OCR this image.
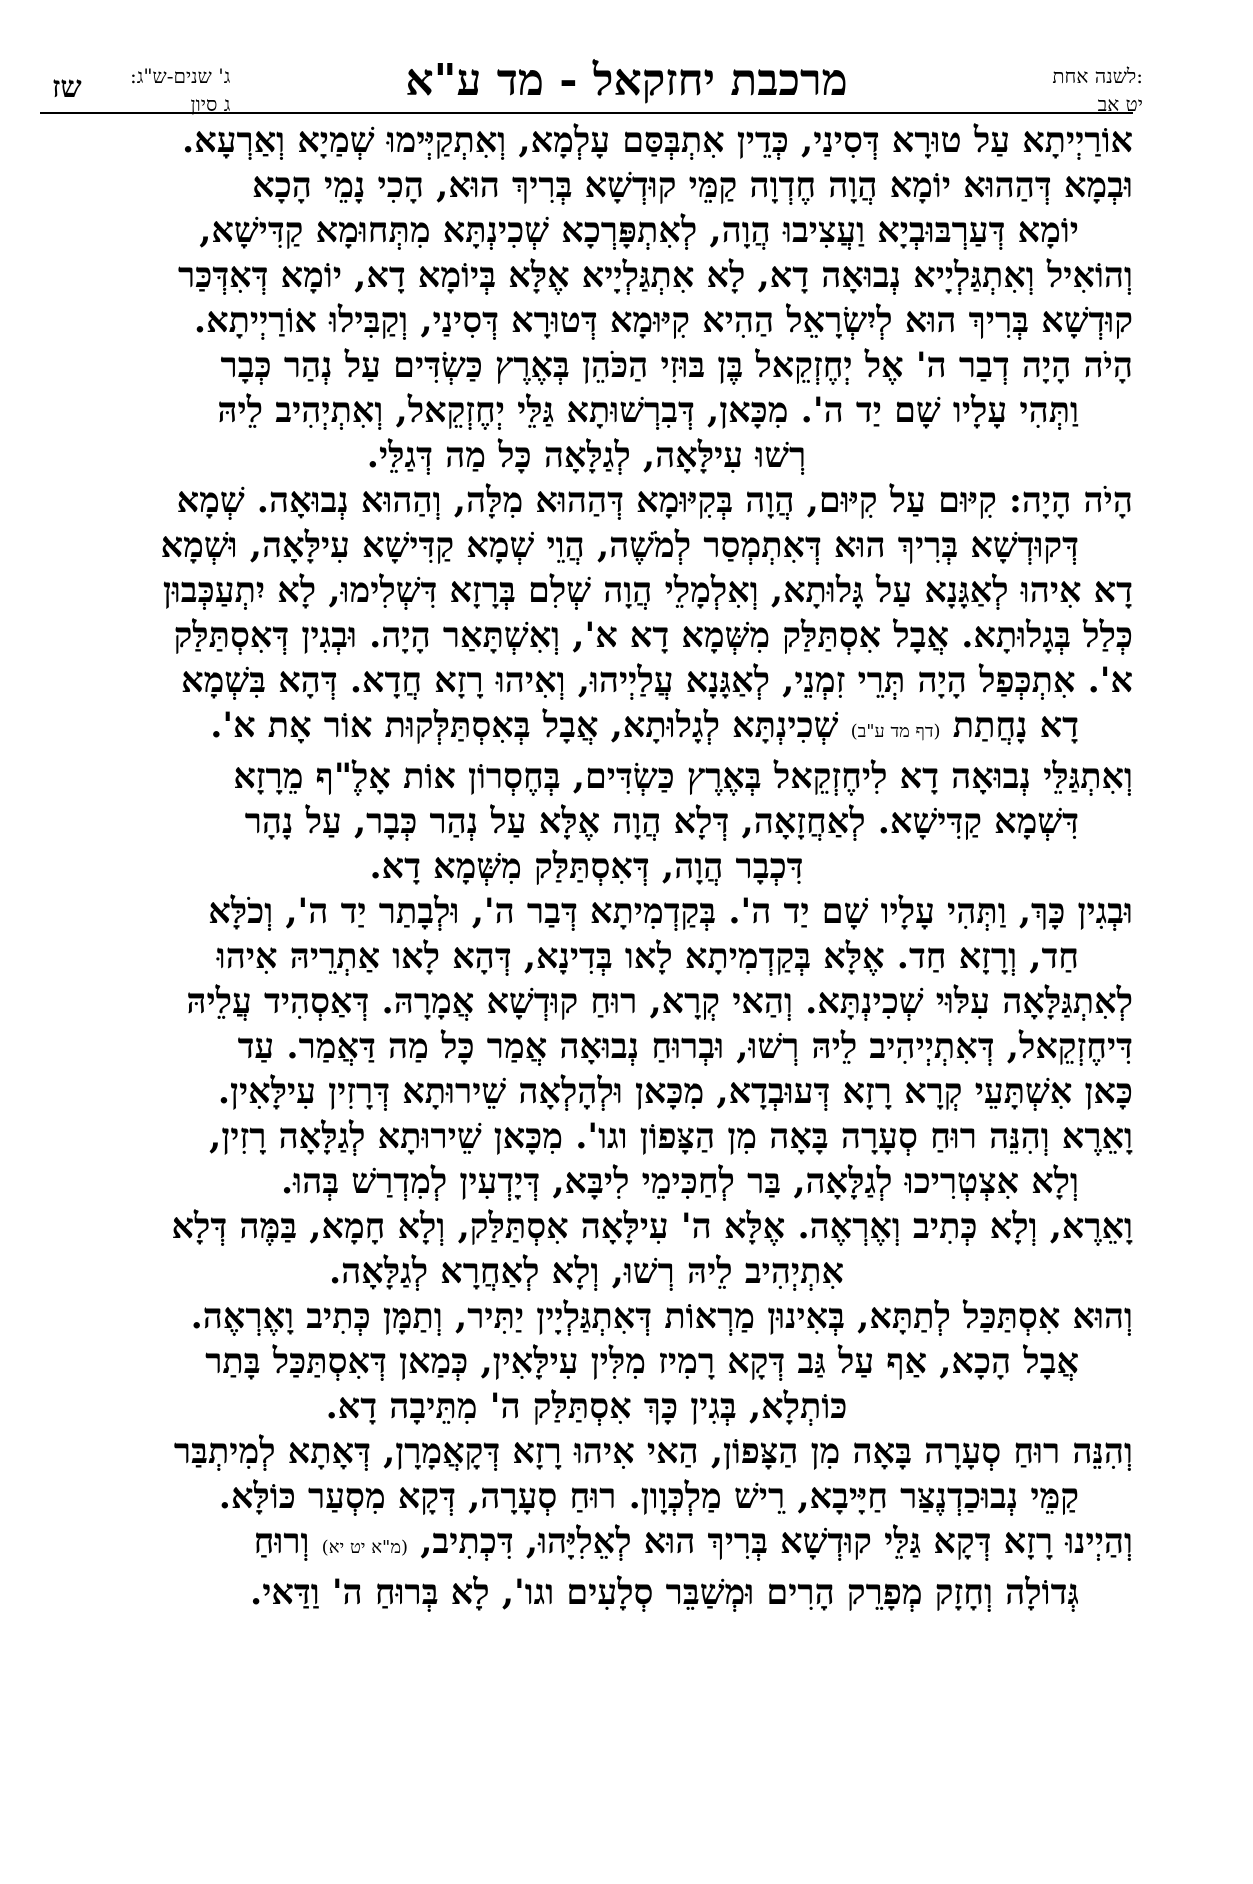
לשנה אחת:
יט אב
מרכבת יחזקאל - מד ע"א
ג' שנים-ש"ג:
ג סיון
שז
אוֹרַיְיתָא עַל טוּרָא דְּסִינַי, כְּדֵין אִתְבְּסַּם עָלְמָא, וְאִתְקַיְּימוּ שְׁמַיָא וְאַרְעָא.
וּבְמָא דְּהַהוּא יוֹמָא הֲוָה חֶדְוָה קַמֵּי קוּדְשָׁא בְּרִיךְ הוּא, הָכִי נָמֵי הָכָא
יוֹמָא דְּעַרְבּוּבְיָא וַעֲצִיבוּ הֲוָה, לְאִתְפָּרְכָא שְׁכִינְתָּא מִתְּחוּמָא קַדִּישָׁא,
וְהוֹאִיל וְאִתְגַּלְיָיא נְבוּאָה דָא, לָא אִתְגַּלְיָיא אֶלָּא בְּיוֹמָא דָא, יוֹמָא דְּאִדְּכַּר
קוּדְשָׁא בְּרִיךְ הוּא לְיִשְׂרָאֵל הַהִיא קִיּוּמָא דְּטוּרָא דְּסִינַי, וְקַבִּילוּ אוֹרַיְיתָא.
הָיֹה הָיָה דְבַר ה' אֶל יְחֶזְקֵאל בֶּן בּוּזִי הַכֹּהֵן בְּאֶרֶץ כַּשְׂדִּים עַל נְהַר כְּבָר
וַתְּהִי עָלָיו שָׁם יַד ה'. מִכָּאן, דְּבִרְשׁוּתָא גַּלֵּי יְחֶזְקֵאל, וְאִתְיְהִיב לֵיהּ
רְשׁוּ עִילָּאָה, לְגַלָּאָה כָּל מַה דְּגַלֵּי.
הָיֹה הָיָה: קִיּוּם עַל קִיּוּם, הֲוָה בְּקִיּוּמָא דְּהַהוּא מִלָּה, וְהַהוּא נְבוּאָה. שְׁמָא
דְּקוּדְשָׁא בְּרִיךְ הוּא דְּאִתְמְסַר לְמֹשֶׁה, הֲוֵי שְׁמָא קַדִּישָׁא עִילָּאָה, וּשְׁמָא
דָא אִיהוּ לְאַגָּנָא עַל גָּלוּתָא, וְאִלְמָלֵי הֲוָה שְׁלִם בְּרָזָא דִּשְׁלִימוּ, לָא יִתְעַכְּבוּן
כְּלַל בְּגָלוּתָא. אֲבָל אִסְתַּלַּק מִשְּׁמָא דָא א', וְאִשְׁתָּאַר הָיָה. וּבְגִין דְּאִסְתַּלַּק
א'. אִתְכְּפַל הָיָה תְּרֵי זִמְנֵי, לְאַגָּנָא עֲלַיְיהוּ, וְאִיהוּ רָזָא חֲדָא. דְּהָא בִּשְׁמָא
דָא נָחֲתַת (דף מד ע"ב) שְׁכִינְתָּא לְגָלוּתָא, אֲבָל בְּאִסְתַּלְּקוּת אוֹר אָת א'.
וְאִתְגַּלֵּי נְבוּאָה דָא לִיחֶזְקֵאל בְּאֶרֶץ כַּשְׂדִּים, בְּחֶסְרוֹן אוֹת אָלֶ"ף מֵרָזָא
דִּשְׁמָא קַדִּישָׁא. לְאַחֲזָאָה, דְּלָא הֲוָה אֶלָּא עַל נְהַר כְּבָר, עַל נָהָר
דִּכְבָר הֲוָה, דְּאִסְתַּלַּק מִשְּׁמָא דָא.
וּבְגִין כָּךְ, וַתְּהִי עָלָיו שָׁם יַד ה'. בְּקַדְמִיתָא דְּבַר ה', וּלְבָתַר יַד ה', וְכֹלָּא
חַד, וְרָזָא חַד. אֶלָּא בְּקַדְמִיתָא לָאו בְּדִינָא, דְּהָא לָאו אַתְרֵיהּ אִיהוּ
לְאִתְגַּלָּאָה עִלּוּי שְׁכִינְתָּא. וְהַאי קְרָא, רוּחַ קוּדְשָׁא אֲמָרָהּ. דְּאַסְהִיד עֲלֵיהּ
דִּיחֶזְקֵאל, דְּאִתְיְיהִיב לֵיהּ רְשׁוּ, וּבְרוּחַ נְבוּאָה אֲמַר כָּל מַה דַּאֲמַר. עַד
כָּאן אִשְׁתָּעֵי קְרָא רָזָא דְּעוּבְדָא, מִכָּאן וּלְהָלְאָה שֵׁירוּתָא דְּרָזִין עִילָּאִין.
וָאֵרֶא וְהִנֵּה רוּחַ סְעָרָה בָּאָה מִן הַצָּפוֹן וגו'. מִכָּאן שֵׁירוּתָא לְגַלָּאָה רָזִין,
וְלָא אִצְטְרִיכוּ לְגַלָּאָה, בַּר לְחַכִּימֵי לִיבָּא, דְּיָדְעִין לְמִדְרַשׁ בְּהוּ.
וָאֵרֶא, וְלָא כְּתִיב וְאֶרְאֶה. אֶלָּא ה' עִילָּאָה אִסְתַּלַּק, וְלָא חָמָא, בַּמֶּה דְּלָא
אִתְיְהִיב לֵיהּ רְשׁוּ, וְלָא לְאַחֲרָא לְגַלָּאָה.
וְהוּא אִסְתַּכַּל לְתַתָּא, בְּאִינוּן מַרְאוֹת דְּאִתְגַּלְיָין יַתִּיר, וְתַמָּן כְּתִיב וָאֶרְאֶה.
אֲבָל הָכָא, אַף עַל גַּב דְּקָא רָמִיז מִלִּין עִילָּאִין, כְּמַאן דְּאִסְתַּכַּל בָּתַר
כּוֹתְלָא, בְּגִין כָּךְ אִסְתַּלַּק ה' מִתֵּיבָה דָא.
וְהִנֵּה רוּחַ סְעָרָה בָּאָה מִן הַצָּפוֹן, הַאי אִיהוּ רָזָא דְּקָאֲמָרָן, דְּאָתָא לְמִיתְבַּר
קַמֵּי נְבוּכַדְנֶצַּר חַיָּיבָא, רֵישׁ מַלְכְּוָון. רוּחַ סְעָרָה, דְּקָא מִסְעַר כּוֹלָּא.
וְהַיְינוּ רָזָא דְּקָא גַּלֵּי קוּדְשָׁא בְּרִיךְ הוּא לְאֵלִיָּהוּ, דִּכְתִיב, (מ"א יט יא) וְרוּחַ
גְּדוֹלָה וְחָזָק מְפָרֵק הָרִים וּמְשַׁבֵּר סְלָעִים וגו', לָא בְּרוּחַ ה' וַדַּאי.
